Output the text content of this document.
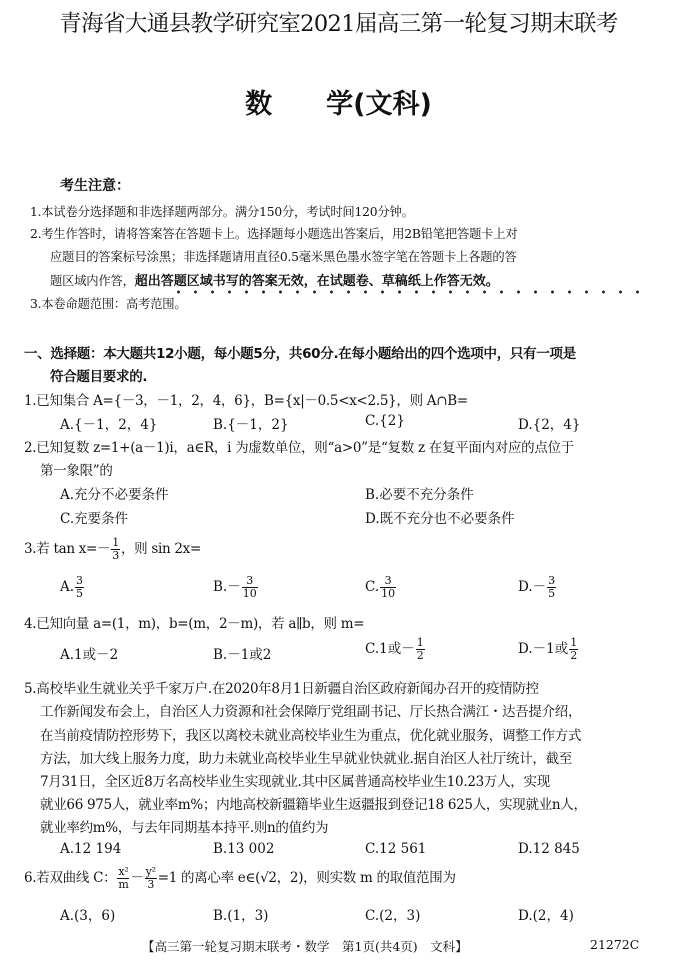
青海省大通县教学研究室2021届高三第一轮复习期末联考
数　　学(文科)
考生注意：
1.本试卷分选择题和非选择题两部分。满分150分，考试时间120分钟。
2.考生作答时，请将答案答在答题卡上。选择题每小题选出答案后，用2B铅笔把答题卡上对
应题目的答案标号涂黑；非选择题请用直径0.5毫米黑色墨水签字笔在答题卡上各题的答
题区域内作答，超出答题区域书写的答案无效，在试题卷、草稿纸上作答无效。
3.本卷命题范围：高考范围。
一、选择题：本大题共12小题，每小题5分，共60分.在每小题给出的四个选项中，只有一项是
符合题目要求的.
1.已知集合 A={－3，－1，2，4，6}，B={x|－0.5<x<2.5}，则 A∩B=
A.{－1，2，4}	B.{－1，2}	C.{2}	D.{2，4}
2.已知复数 z=1+(a－1)i，a∈R，i 为虚数单位，则“a>0”是“复数 z 在复平面内对应的点位于
第一象限”的
A.充分不必要条件	B.必要不充分条件
C.充要条件	D.既不充分也不必要条件
3.若 $\tan x=- \frac{1}{3}$ ，则 sin 2x=
A. $\frac{3}{5}$	$B.- \frac{3}{10}$	C. $\frac{3}{10}$	$D.- \frac{3}{5}$
4.已知向量 a=(1，m)，b=(m，2－m)，若 a∥b，则 m=
A.1或－2	B.－1或2	C.1或－ $\frac{1}{2}$	D.－1或 $\frac{1}{2}$
5.高校毕业生就业关乎千家万户.在2020年8月1日新疆自治区政府新闻办召开的疫情防控
工作新闻发布会上，自治区人力资源和社会保障厅党组副书记、厅长热合满江・达吾提介绍，
在当前疫情防控形势下，我区以离校未就业高校毕业生为重点，优化就业服务，调整工作方式
方法，加大线上服务力度，助力未就业高校毕业生早就业快就业.据自治区人社厅统计，截至
7月31日，全区近8万名高校毕业生实现就业.其中区属普通高校毕业生10.23万人，实现
就业66 975人，就业率m%；内地高校新疆籍毕业生返疆报到登记18 625人，实现就业n人，
就业率约m%，与去年同期基本持平.则n的值约为
A.12 194	B.13 002	C.12 561	D.12 845
6.若双曲线 C： $\frac{\text{x²}}{m} - \frac{\text{y²}}{3} =1$ 的离心率 e∈(√2，2)，则实数 m 的取值范围为
A.(3，6)	B.(1，3)	C.(2，3)	D.(2，4)
【高三第一轮复习期末联考・数学　第1页(共4页)　文科】	21272C
